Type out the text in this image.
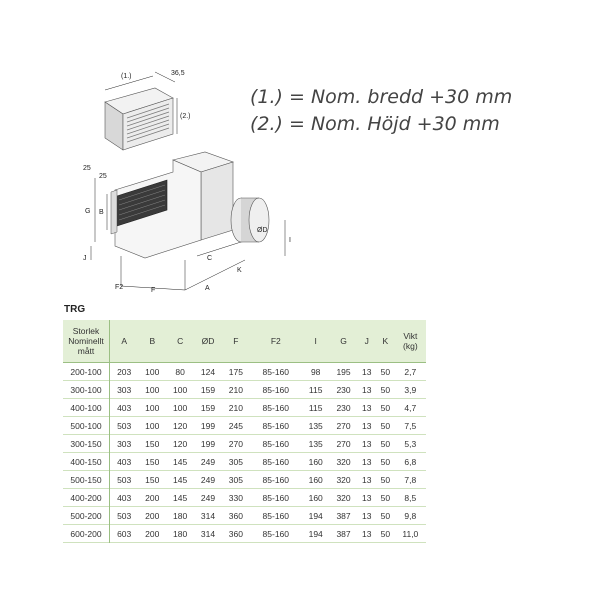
(1.)	36,5
(2.)
G B
J
25
25
F2	F	A
C
K
ØD
I
(1.) = Nom. bredd +30 mm
(2.) = Nom. Höjd +30 mm
TRG
Storlek
Nominellt
mått	A	B	C	ØD	F	F2	I	G	J	K	Vikt
(kg)
200-100	203	100	80	124	175	85-160	98	195	13	50	2,7
300-100	303	100	100	159	210	85-160	115	230	13	50	3,9
400-100	403	100	100	159	210	85-160	115	230	13	50	4,7
500-100	503	100	120	199	245	85-160	135	270	13	50	7,5
300-150	303	150	120	199	270	85-160	135	270	13	50	5,3
400-150	403	150	145	249	305	85-160	160	320	13	50	6,8
500-150	503	150	145	249	305	85-160	160	320	13	50	7,8
400-200	403	200	145	249	330	85-160	160	320	13	50	8,5
500-200	503	200	180	314	360	85-160	194	387	13	50	9,8
600-200	603	200	180	314	360	85-160	194	387	13	50	11,0
